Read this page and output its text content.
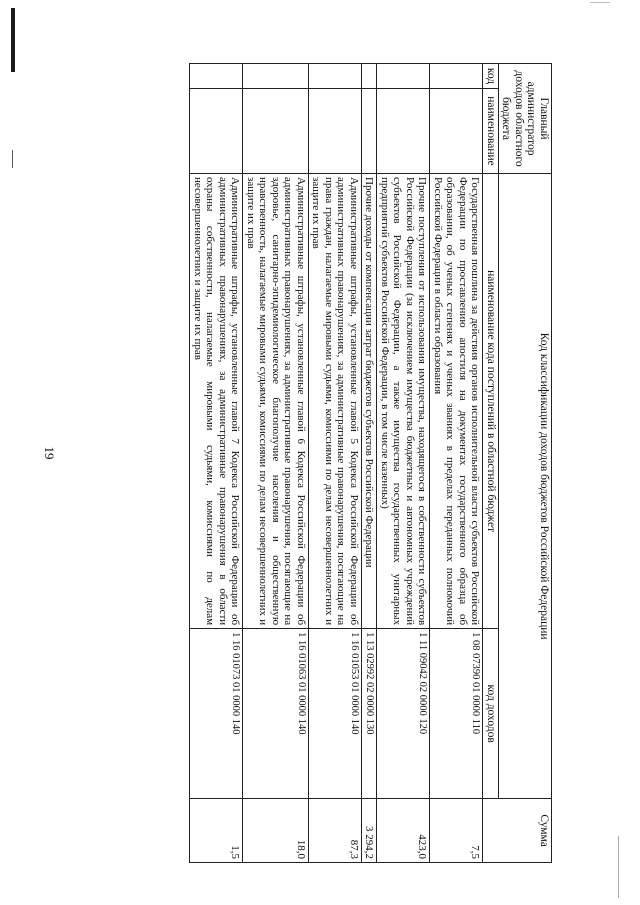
19
Главный администратор доходов областного бюджета		Код классификации доходов бюджетов Российской Федерации		Сумма
код	наименование	наименование кода поступлений в областной бюджет	код доходов	
		Государственная пошлина за действия органов исполнительной власти субъектов Российской Федерации по проставлению апостиля на документах государственного образца об образовании, об ученых степенях и ученых званиях в пределах переданных полномочий Российской Федерации в области образования	1 08 07390 01 0000 110	7,5
		Прочие поступления от использования имущества, находящегося в собственности субъектов Российской Федерации (за исключением имущества бюджетных и автономных учреждений субъектов Российской Федерации, а также имущества государственных унитарных предприятий субъектов Российской Федерации, в том числе казенных)	1 11 09042 02 0000 120	423,0
		Прочие доходы от компенсации затрат бюджетов субъектов Российской Федерации	1 13 02992 02 0000 130	3 294,2
		Административные штрафы, установленные главой 5 Кодекса Российской Федерации об административных правонарушениях, за административные правонарушения, посягающие на права граждан, налагаемые мировыми судьями, комиссиями по делам несовершеннолетних и защите их прав	1 16 01053 01 0000 140	87,3
		Административные штрафы, установленные главой 6 Кодекса Российской Федерации об административных правонарушениях, за административные правонарушения, посягающие на здоровье, санитарно-эпидемиологическое благополучие населения и общественную нравственность, налагаемые мировыми судьями, комиссиями по делам несовершеннолетних и защите их прав	1 16 01063 01 0000 140	18,0
		Административные штрафы, установленные главой 7 Кодекса Российской Федерации об административных правонарушениях, за административные правонарушения в области охраны собственности, налагаемые мировыми судьями, комиссиями по делам несовершеннолетних и защите их прав	1 16 01073 01 0000 140	1,5
